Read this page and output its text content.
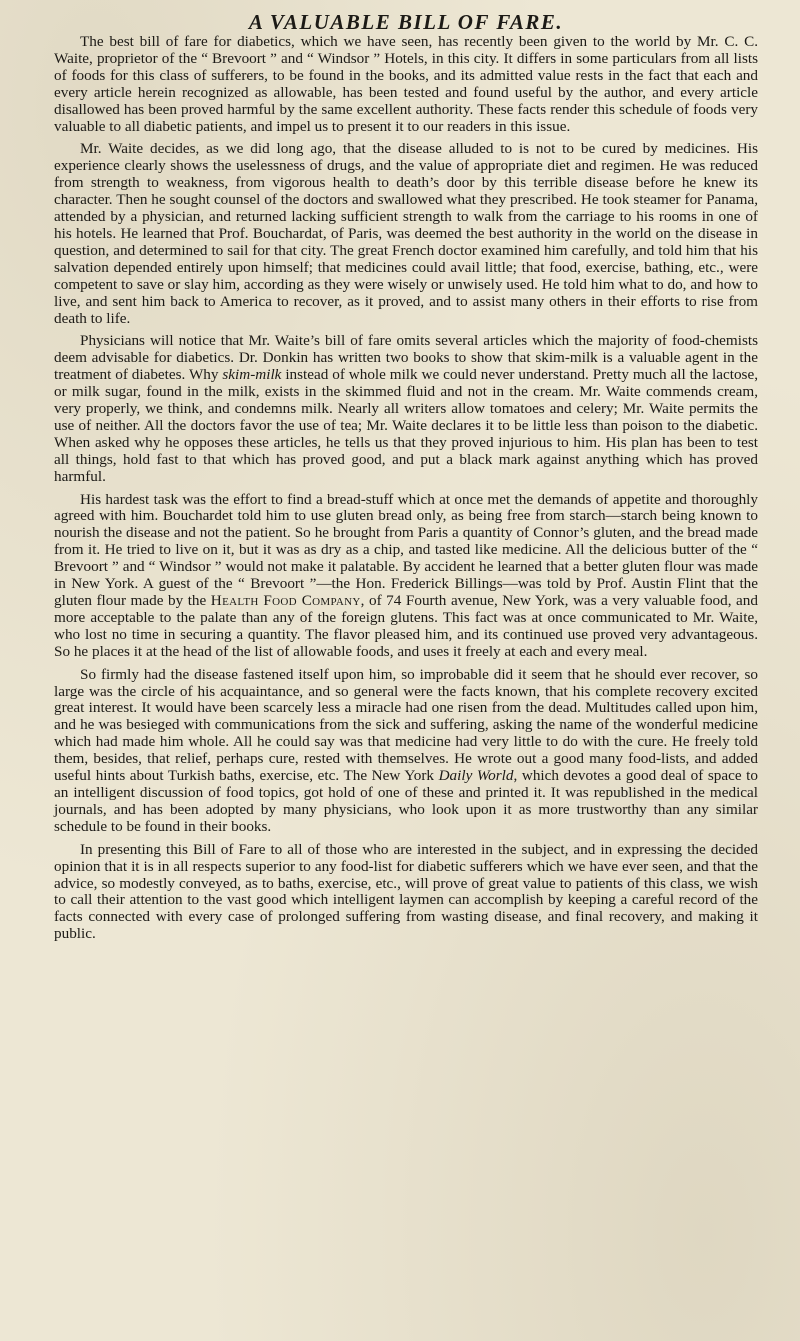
A VALUABLE BILL OF FARE.

The best bill of fare for diabetics, which we have seen, has recently been given to the world by Mr. C. C. Waite, proprietor of the “ Brevoort ” and “ Windsor ” Hotels, in this city. It differs in some particulars from all lists of foods for this class of sufferers, to be found in the books, and its admitted value rests in the fact that each and every article herein recognized as allowable, has been tested and found useful by the author, and every article disallowed has been proved harmful by the same excellent authority. These facts render this schedule of foods very valuable to all diabetic patients, and impel us to present it to our readers in this issue.

Mr. Waite decides, as we did long ago, that the disease alluded to is not to be cured by medicines. His experience clearly shows the uselessness of drugs, and the value of appropriate diet and regimen. He was reduced from strength to weakness, from vigorous health to death’s door by this terrible disease before he knew its character. Then he sought counsel of the doctors and swallowed what they prescribed. He took steamer for Panama, attended by a physician, and returned lacking sufficient strength to walk from the carriage to his rooms in one of his hotels. He learned that Prof. Bouchardat, of Paris, was deemed the best authority in the world on the disease in question, and determined to sail for that city. The great French doctor examined him carefully, and told him that his salvation depended entirely upon himself; that medicines could avail little; that food, exercise, bathing, etc., were competent to save or slay him, according as they were wisely or unwisely used. He told him what to do, and how to live, and sent him back to America to recover, as it proved, and to assist many others in their efforts to rise from death to life.

Physicians will notice that Mr. Waite’s bill of fare omits several articles which the majority of food-chemists deem advisable for diabetics. Dr. Donkin has written two books to show that skim-milk is a valuable agent in the treatment of diabetes. Why skim-milk instead of whole milk we could never understand. Pretty much all the lactose, or milk sugar, found in the milk, exists in the skimmed fluid and not in the cream. Mr. Waite commends cream, very properly, we think, and condemns milk. Nearly all writers allow tomatoes and celery; Mr. Waite permits the use of neither. All the doctors favor the use of tea; Mr. Waite declares it to be little less than poison to the diabetic. When asked why he opposes these articles, he tells us that they proved injurious to him. His plan has been to test all things, hold fast to that which has proved good, and put a black mark against anything which has proved harmful.

His hardest task was the effort to find a bread-stuff which at once met the demands of appetite and thoroughly agreed with him. Bouchardet told him to use gluten bread only, as being free from starch—starch being known to nourish the disease and not the patient. So he brought from Paris a quantity of Connor’s gluten, and the bread made from it. He tried to live on it, but it was as dry as a chip, and tasted like medicine. All the delicious butter of the “ Brevoort ” and “ Windsor ” would not make it palatable. By accident he learned that a better gluten flour was made in New York. A guest of the “ Brevoort ”—the Hon. Frederick Billings—was told by Prof. Austin Flint that the gluten flour made by the Health Food Company, of 74 Fourth avenue, New York, was a very valuable food, and more acceptable to the palate than any of the foreign glutens. This fact was at once communicated to Mr. Waite, who lost no time in securing a quantity. The flavor pleased him, and its continued use proved very advantageous. So he places it at the head of the list of allowable foods, and uses it freely at each and every meal.

So firmly had the disease fastened itself upon him, so improbable did it seem that he should ever recover, so large was the circle of his acquaintance, and so general were the facts known, that his complete recovery excited great interest. It would have been scarcely less a miracle had one risen from the dead. Multitudes called upon him, and he was besieged with communications from the sick and suffering, asking the name of the wonderful medicine which had made him whole. All he could say was that medicine had very little to do with the cure. He freely told them, besides, that relief, perhaps cure, rested with themselves. He wrote out a good many food-lists, and added useful hints about Turkish baths, exercise, etc. The New York Daily World, which devotes a good deal of space to an intelligent discussion of food topics, got hold of one of these and printed it. It was republished in the medical journals, and has been adopted by many physicians, who look upon it as more trustworthy than any similar schedule to be found in their books.

In presenting this Bill of Fare to all of those who are interested in the subject, and in expressing the decided opinion that it is in all respects superior to any food-list for diabetic sufferers which we have ever seen, and that the advice, so modestly conveyed, as to baths, exercise, etc., will prove of great value to patients of this class, we wish to call their attention to the vast good which intelligent laymen can accomplish by keeping a careful record of the facts connected with every case of prolonged suffering from wasting disease, and final recovery, and making it public.
